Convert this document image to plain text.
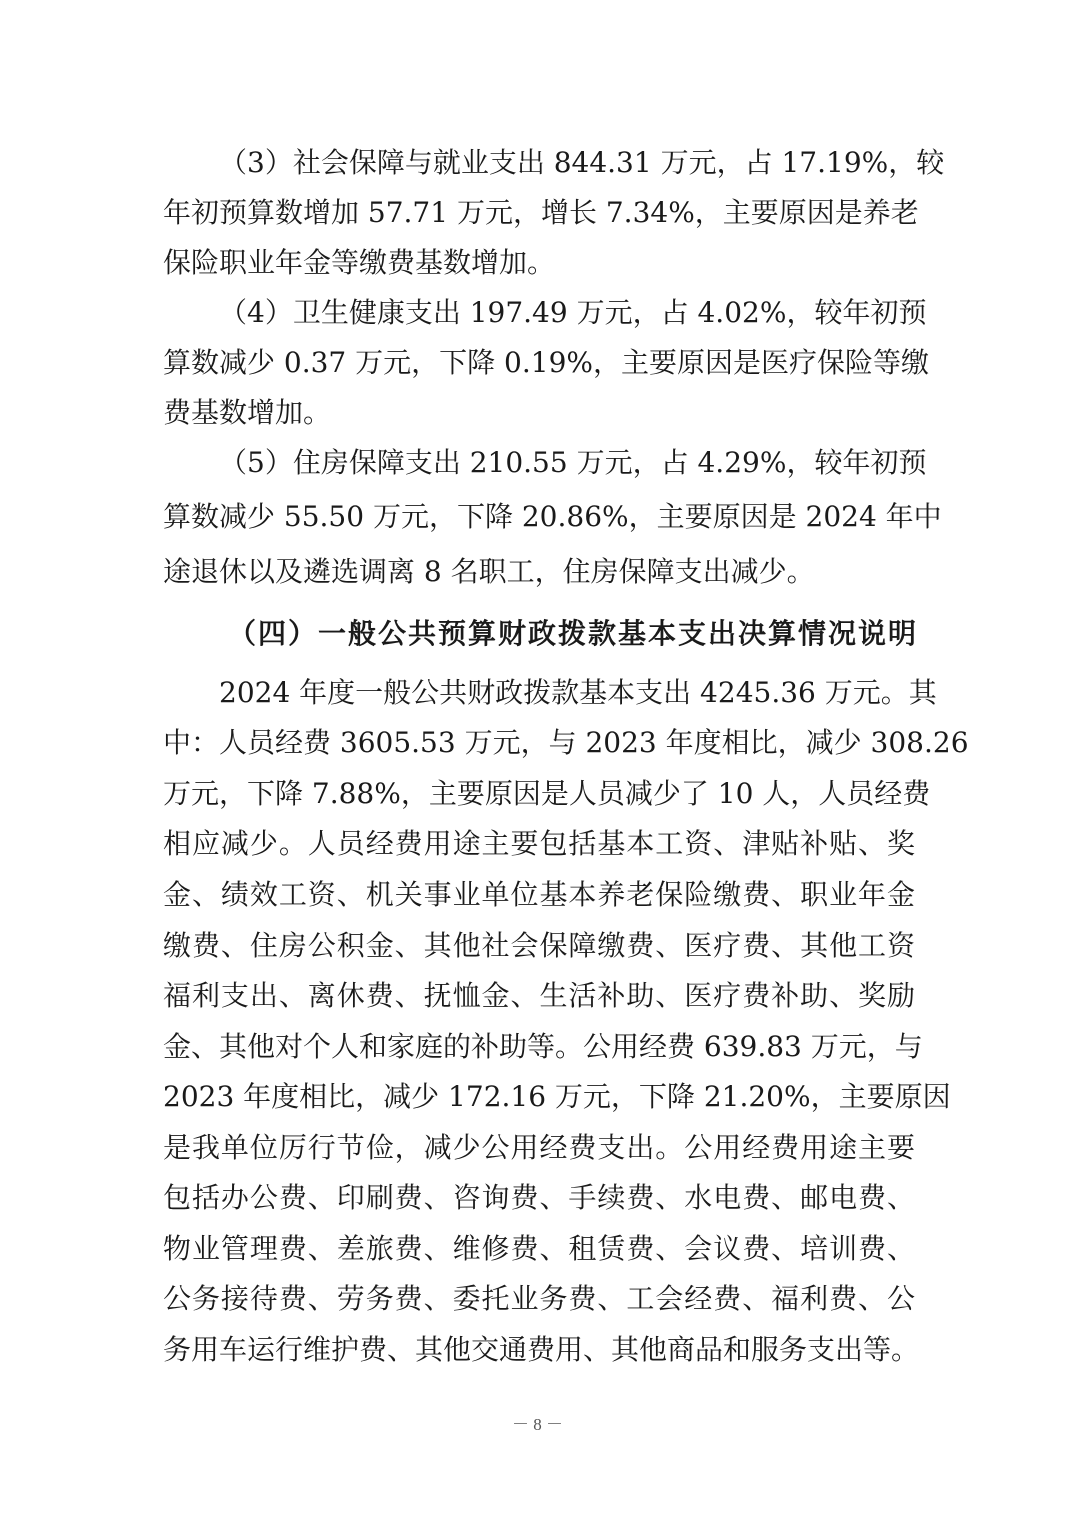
（3）社会保障与就业支出 844.31 万元，占 17.19%，较
年初预算数增加 57.71 万元，增长 7.34%，主要原因是养老
保险职业年金等缴费基数增加。
（4）卫生健康支出 197.49 万元，占 4.02%，较年初预
算数减少 0.37 万元，下降 0.19%，主要原因是医疗保险等缴
费基数增加。
（5）住房保障支出 210.55 万元，占 4.29%，较年初预
算数减少 55.50 万元，下降 20.86%，主要原因是 2024 年中
途退休以及遴选调离 8 名职工，住房保障支出减少。
（四）一般公共预算财政拨款基本支出决算情况说明
2024 年度一般公共财政拨款基本支出 4245.36 万元。其
中：人员经费 3605.53 万元，与 2023 年度相比，减少 308.26
万元，下降 7.88%，主要原因是人员减少了 10 人，人员经费
相应减少。人员经费用途主要包括基本工资、津贴补贴、奖
金、绩效工资、机关事业单位基本养老保险缴费、职业年金
缴费、住房公积金、其他社会保障缴费、医疗费、其他工资
福利支出、离休费、抚恤金、生活补助、医疗费补助、奖励
金、其他对个人和家庭的补助等。公用经费 639.83 万元，与
2023 年度相比，减少 172.16 万元，下降 21.20%，主要原因
是我单位厉行节俭，减少公用经费支出。公用经费用途主要
包括办公费、印刷费、咨询费、手续费、水电费、邮电费、
物业管理费、差旅费、维修费、租赁费、会议费、培训费、
公务接待费、劳务费、委托业务费、工会经费、福利费、公
务用车运行维护费、其他交通费用、其他商品和服务支出等。
－ 8 －
